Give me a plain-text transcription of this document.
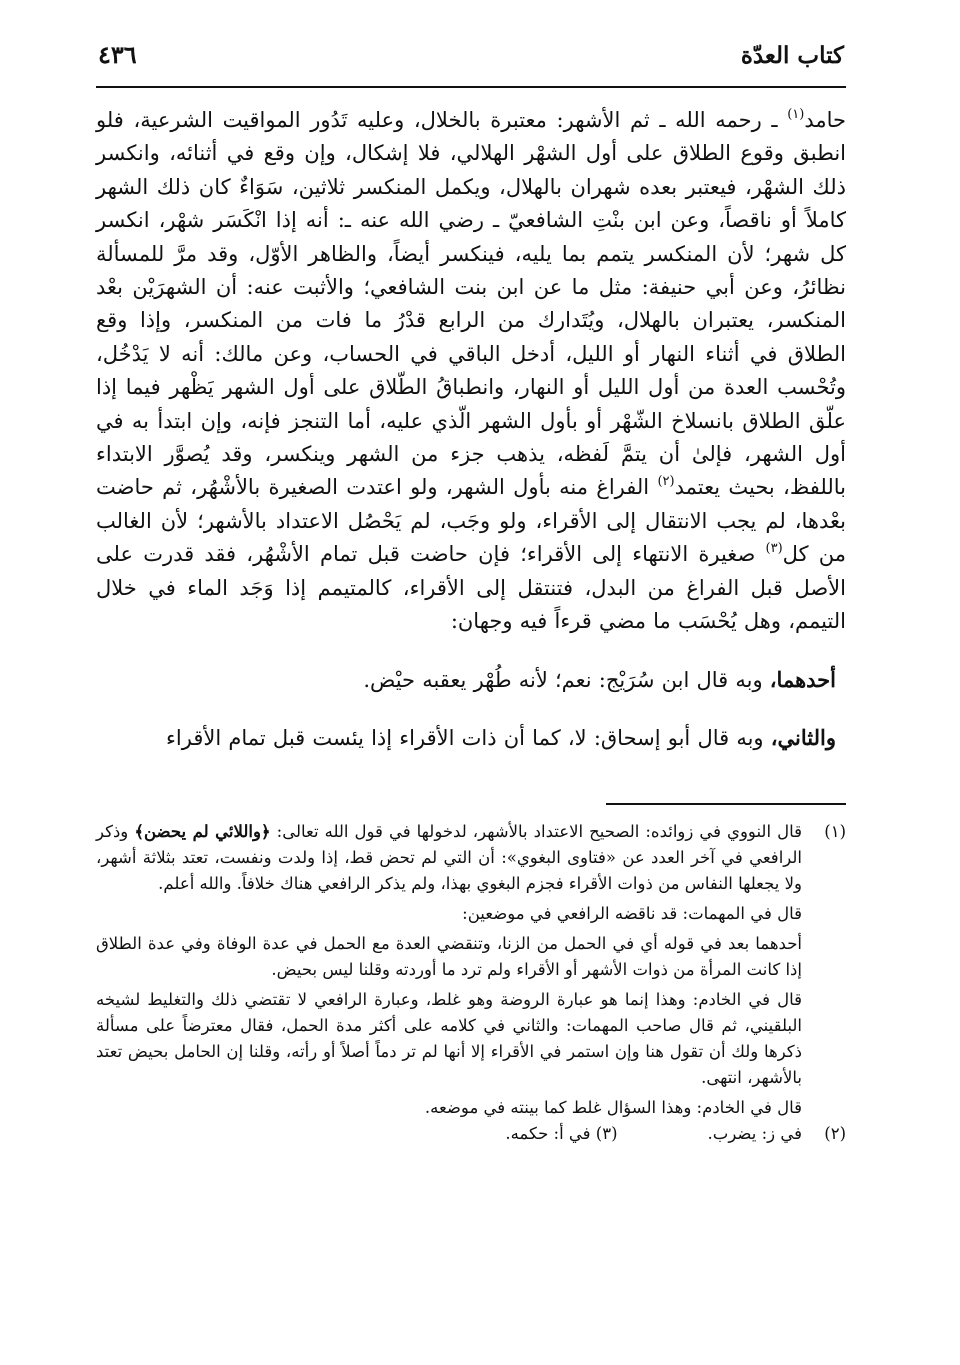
كتاب العدّة
٤٣٦

حامد$^{(١)}$ ـ رحمه الله ـ ثم الأشهر: معتبرة بالخلال، وعليه تَدُور المواقيت الشرعية، فلو انطبق وقوع الطلاق على أول الشهْر الهلالي، فلا إشكال، وإن وقع في أثنائه، وانكسر ذلك الشهْر، فيعتبر بعده شهران بالهلال، ويكمل المنكسر ثلاثين، سَوَاءٌ كان ذلك الشهر كاملاً أو ناقصاً، وعن ابن بنْتِ الشافعيّ ـ رضي الله عنه ـ: أنه إذا انْكَسَر شهْر، انكسر كل شهر؛ لأن المنكسر يتمم بما يليه، فينكسر أيضاً، والظاهر الأوّل، وقد مرَّ للمسألة نظائرُ، وعن أبي حنيفة: مثل ما عن ابن بنت الشافعي؛ والأثبت عنه: أن الشهرَيْن بعْد المنكسر، يعتبران بالهلال، ويُتَدارك من الرابع قدْرُ ما فات من المنكسر، وإذا وقع الطلاق في أثناء النهار أو الليل، أدخل الباقي في الحساب، وعن مالك: أنه لا يَدْخُل، وتُحْسب العدة من أول الليل أو النهار، وانطباقُ الطّلاق على أول الشهر يَظْهر فيما إذا علّق الطلاق بانسلاخ الشّهْر أو بأول الشهر الّذي عليه، أما التنجز فإنه، وإن ابتدأ به في أول الشهر، فإلىٰ أن يتمَّ لَفظه، يذهب جزء من الشهر وينكسر، وقد يُصوَّر الابتداء باللفظ، بحيث يعتمد$^{(٢)}$ الفراغ منه بأول الشهر، ولو اعتدت الصغيرة بالأشْهُر، ثم حاضت بعْدها، لم يجب الانتقال إلى الأقراء، ولو وجَب، لم يَحْصُل الاعتداد بالأشهر؛ لأن الغالب من كل$^{(٣)}$ صغيرة الانتهاء إلى الأقراء؛ فإن حاضت قبل تمام الأشْهُر، فقد قدرت على الأصل قبل الفراغ من البدل، فتنتقل إلى الأقراء، كالمتيمم إذا وَجَد الماء في خلال التيمم، وهل يُحْسَب ما مضي قرءاً فيه وجهان:

أحدهما، وبه قال ابن سُرَيْج: نعم؛ لأنه طُهْر يعقبه حيْض.

والثاني، وبه قال أبو إسحاق: لا، كما أن ذات الأقراء إذا يئست قبل تمام الأقراء

(١)

قال النووي في زوائده: الصحيح الاعتداد بالأشهر، لدخولها في قول الله تعالى: ﴿واللائي لم يحضن﴾ وذكر الرافعي في آخر العدد عن «فتاوى البغوي»: أن التي لم تحض قط، إذا ولدت ونفست، تعتد بثلاثة أشهر، ولا يجعلها النفاس من ذوات الأقراء فجزم البغوي بهذا، ولم يذكر الرافعي هناك خلافاً. والله أعلم.

قال في المهمات: قد ناقضه الرافعي في موضعين:

أحدهما بعد في قوله أي في الحمل من الزنا، وتنقضي العدة مع الحمل في عدة الوفاة وفي عدة الطلاق إذا كانت المرأة من ذوات الأشهر أو الأقراء ولم ترد ما أوردته وقلنا ليس بحيض.

قال في الخادم: وهذا إنما هو عبارة الروضة وهو غلط، وعبارة الرافعي لا تقتضي ذلك والتغليط لشيخه البلقيني، ثم قال صاحب المهمات: والثاني في كلامه على أكثر مدة الحمل، فقال معترضاً على مسألة ذكرها ولك أن تقول هنا وإن استمر في الأقراء إلا أنها لم تر دماً أصلاً أو رأته، وقلنا إن الحامل بحيض تعتد بالأشهر، انتهى.

قال في الخادم: وهذا السؤال غلط كما بينته في موضعه.

(٢)
في ز: يضرب.
(٣) في أ: حكمه.
